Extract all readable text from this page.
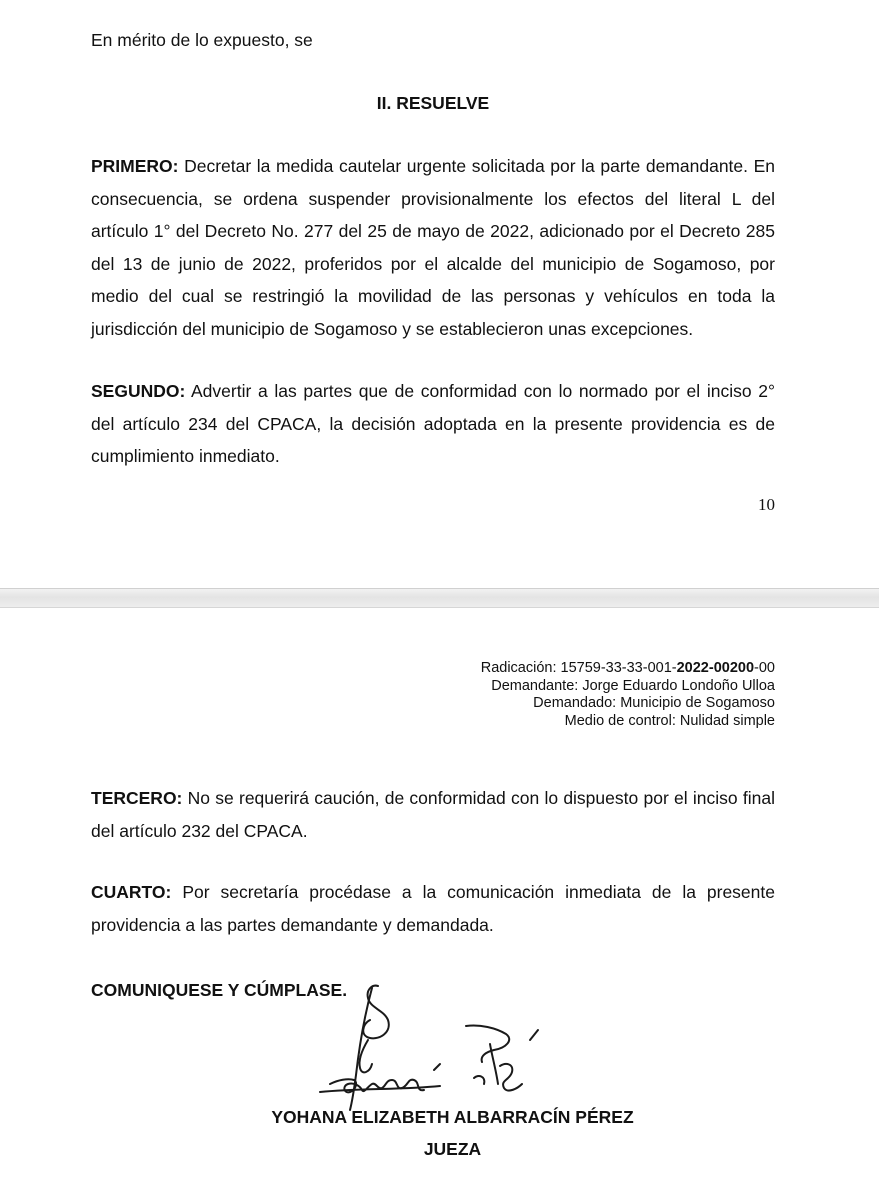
En mérito de lo expuesto, se

II. RESUELVE

PRIMERO: Decretar la medida cautelar urgente solicitada por la parte demandante. En consecuencia, se ordena suspender provisionalmente los efectos del literal L del artículo 1° del Decreto No. 277 del 25 de mayo de 2022, adicionado por el Decreto 285 del 13 de junio de 2022, proferidos por el alcalde del municipio de Sogamoso, por medio del cual se restringió la movilidad de las personas y vehículos en toda la jurisdicción del municipio de Sogamoso y se establecieron unas excepciones.

SEGUNDO: Advertir a las partes que de conformidad con lo normado por el inciso 2° del artículo 234 del CPACA, la decisión adoptada en la presente providencia es de cumplimiento inmediato.

10
Radicación: 15759-33-33-001-2022-00200-00
Demandante: Jorge Eduardo Londoño Ulloa
Demandado: Municipio de Sogamoso
Medio de control: Nulidad simple

TERCERO: No se requerirá caución, de conformidad con lo dispuesto por el inciso final del artículo 232 del CPACA.

CUARTO: Por secretaría procédase a la comunicación inmediata de la presente providencia a las partes demandante y demandada.

COMUNIQUESE Y CÚMPLASE.

YOHANA ELIZABETH ALBARRACÍN PÉREZ

JUEZA
